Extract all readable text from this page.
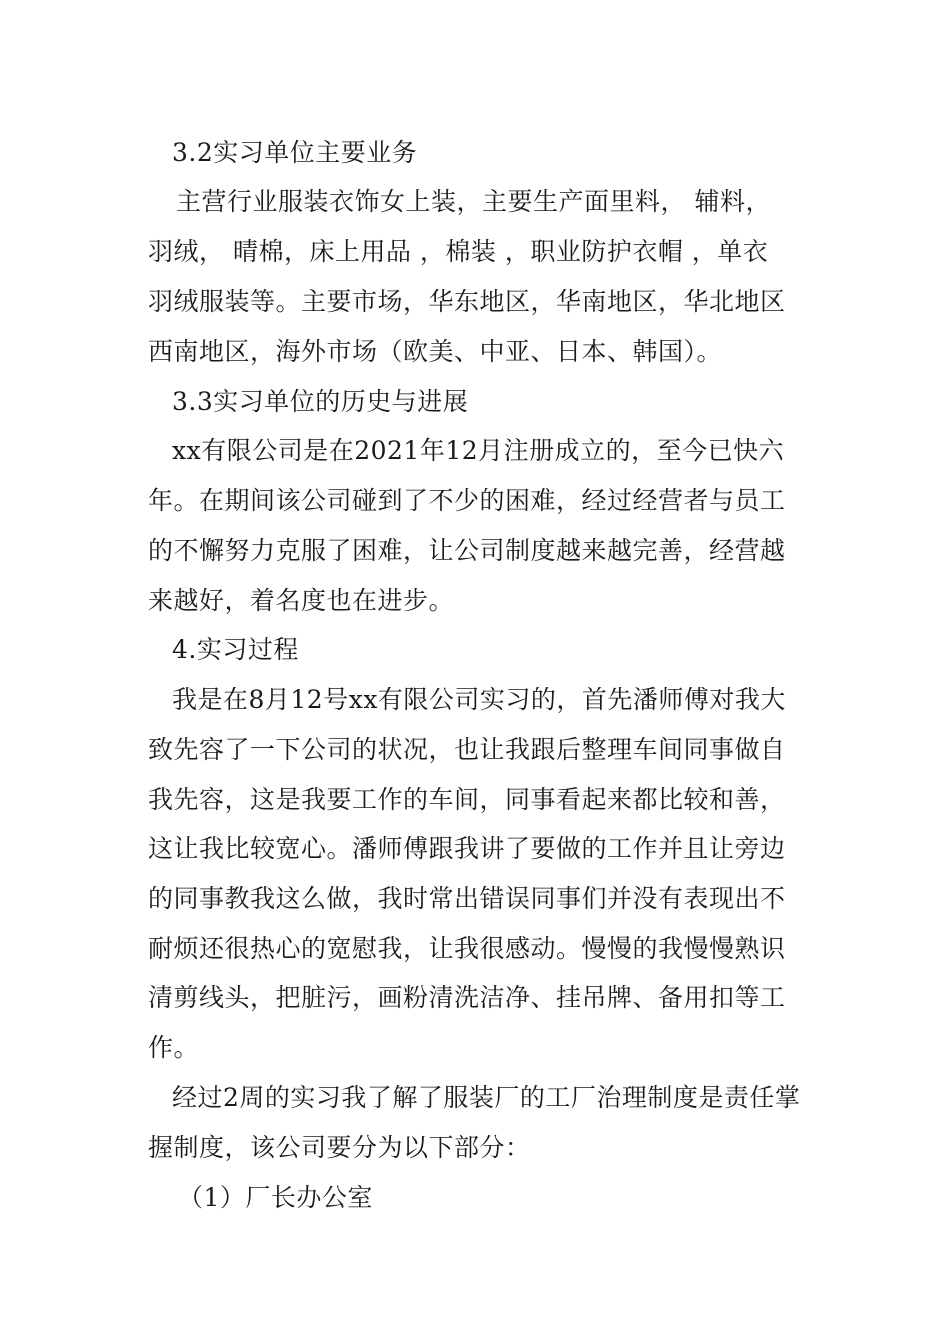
3.2实习单位主要业务
主营行业服装衣饰女上装，主要生产面里料， 辅料，
羽绒， 晴棉，床上用品 ，棉装 ，职业防护衣帽 ，单衣
羽绒服装等。主要市场，华东地区，华南地区，华北地区
西南地区，海外市场（欧美、中亚、日本、韩国）。
3.3实习单位的历史与进展
xx有限公司是在2021年12月注册成立的，至今已快六
年。在期间该公司碰到了不少的困难，经过经营者与员工
的不懈努力克服了困难，让公司制度越来越完善，经营越
来越好，着名度也在进步。
4.实习过程
我是在8月12号xx有限公司实习的，首先潘师傅对我大
致先容了一下公司的状况，也让我跟后整理车间同事做自
我先容，这是我要工作的车间，同事看起来都比较和善，
这让我比较宽心。潘师傅跟我讲了要做的工作并且让旁边
的同事教我这么做，我时常出错误同事们并没有表现出不
耐烦还很热心的宽慰我，让我很感动。慢慢的我慢慢熟识
清剪线头，把脏污，画粉清洗洁净、挂吊牌、备用扣等工
作。
经过2周的实习我了解了服装厂的工厂治理制度是责任掌
握制度，该公司要分为以下部分：
（1）厂长办公室
